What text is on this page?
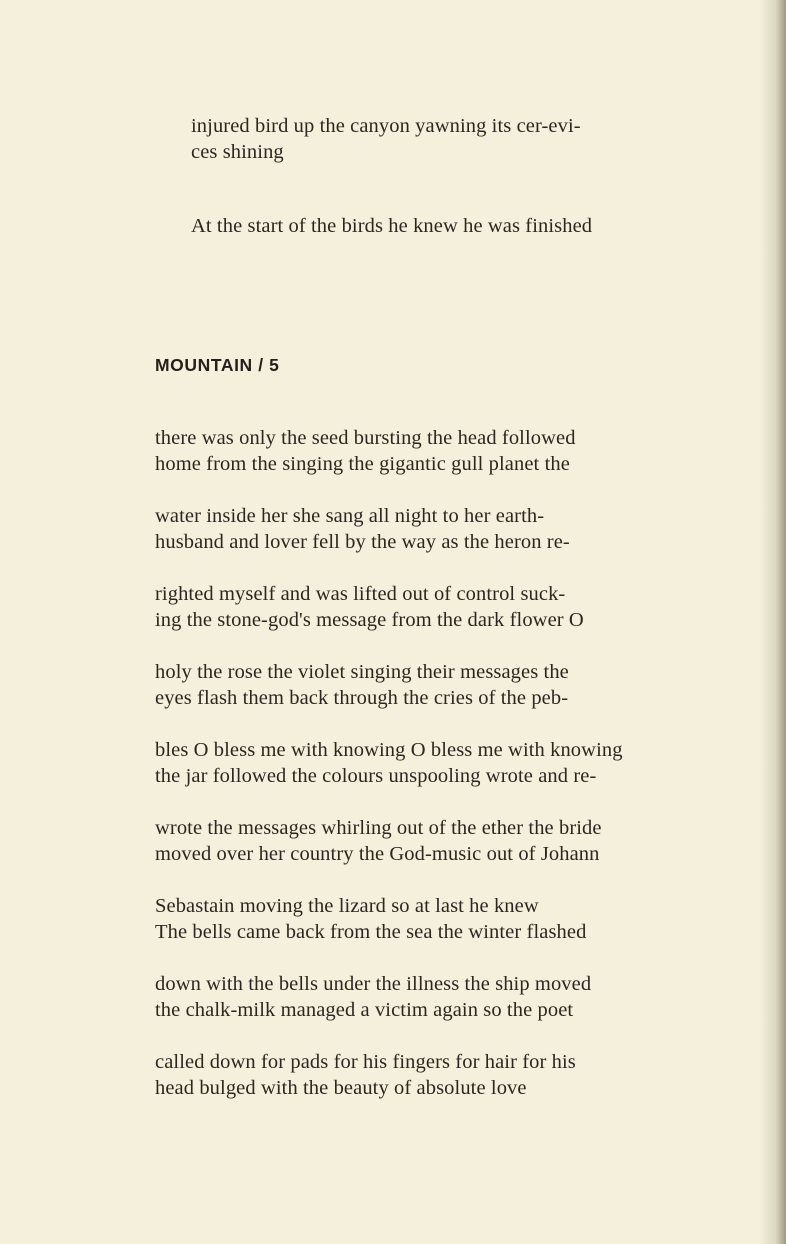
injured bird up the canyon yawning its cer-evi-
ces shining
At the start of the birds he knew he was finished
MOUNTAIN / 5
there was only the seed bursting the head followed
home from the singing the gigantic gull planet the
water inside her she sang all night to her earth-
husband and lover fell by the way as the heron re-
righted myself and was lifted out of control suck-
ing the stone-god's message from the dark flower O
holy the rose the violet singing their messages the
eyes flash them back through the cries of the peb-
bles O bless me with knowing O bless me with knowing
the jar followed the colours unspooling wrote and re-
wrote the messages whirling out of the ether the bride
moved over her country the God-music out of Johann
Sebastain moving the lizard so at last he knew
The bells came back from the sea the winter flashed
down with the bells under the illness the ship moved
the chalk-milk managed a victim again so the poet
called down for pads for his fingers for hair for his
head bulged with the beauty of absolute love
